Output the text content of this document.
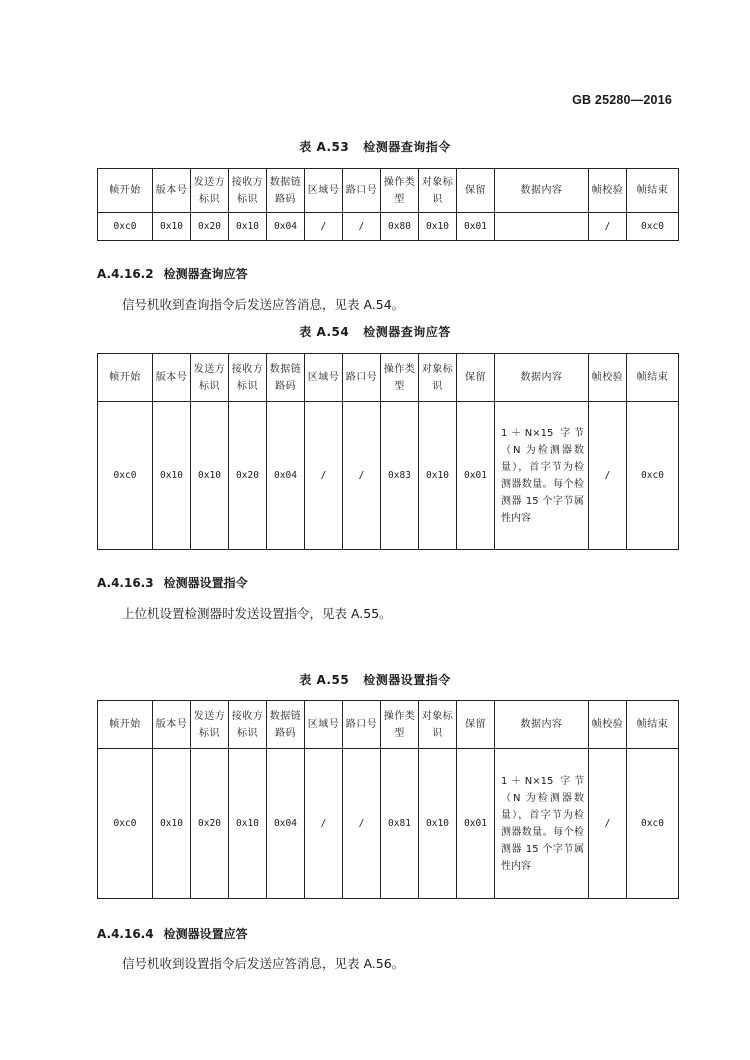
GB 25280—2016
表 A.53 检测器查询指令
帧开始	版本号	发送方标识	接收方标识	数据链路码	区域号	路口号	操作类型	对象标识	保留	数据内容	帧校验	帧结束
0xc0	0x10	0x20	0x10	0x04	/	/	0x80	0x10	0x01		/	0xc0
A.4.16.2 检测器查询应答
信号机收到查询指令后发送应答消息，见表 A.54。
表 A.54 检测器查询应答
帧开始	版本号	发送方标识	接收方标识	数据链路码	区域号	路口号	操作类型	对象标识	保留	数据内容	帧校验	帧结束
0xc0	0x10	0x10	0x20	0x04	/	/	0x83	0x10	0x01	1＋N×15 字节（N 为检测器数量），首字节为检测器数量。每个检测器 15 个字节属性内容	/	0xc0
A.4.16.3 检测器设置指令
上位机设置检测器时发送设置指令，见表 A.55。
表 A.55 检测器设置指令
帧开始	版本号	发送方标识	接收方标识	数据链路码	区域号	路口号	操作类型	对象标识	保留	数据内容	帧校验	帧结束
0xc0	0x10	0x20	0x10	0x04	/	/	0x81	0x10	0x01	1＋N×15 字节（N 为检测器数量），首字节为检测器数量。每个检测器 15 个字节属性内容	/	0xc0
A.4.16.4 检测器设置应答
信号机收到设置指令后发送应答消息，见表 A.56。
